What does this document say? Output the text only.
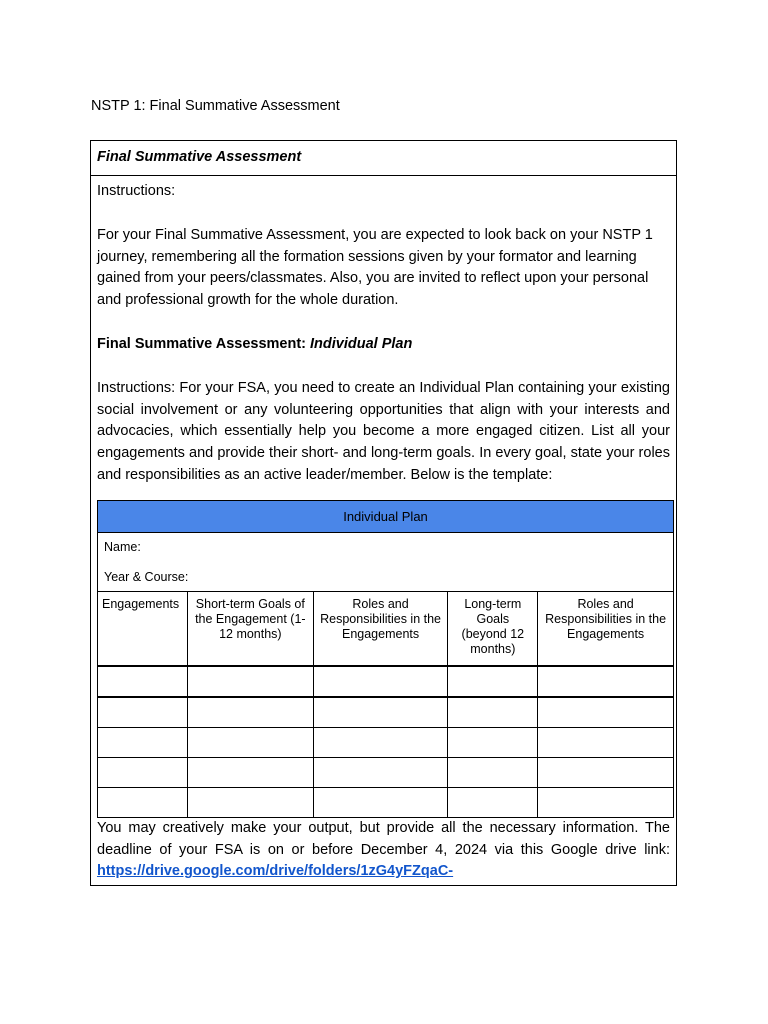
NSTP 1: Final Summative Assessment
Final Summative Assessment

Instructions:

For your Final Summative Assessment, you are expected to look back on your NSTP 1 journey, remembering all the formation sessions given by your formator and learning gained from your peers/classmates. Also, you are invited to reflect upon your personal and professional growth for the whole duration.

Final Summative Assessment: Individual Plan

Instructions: For your FSA, you need to create an Individual Plan containing your existing social involvement or any volunteering opportunities that align with your interests and advocacies, which essentially help you become a more engaged citizen. List all your engagements and provide their short- and long-term goals. In every goal, state your roles and responsibilities as an active leader/member. Below is the template:

Individual Plan				

Name:
Year & Course:				

Engagements	Short-term Goals of the Engagement (1-12 months)	Roles and Responsibilities in the Engagements	Long-term Goals (beyond 12 months)	Roles and Responsibilities in the Engagements

You may creatively make your output, but provide all the necessary information. The deadline of your FSA is on or before December 4, 2024 via this Google drive link: https://drive.google.com/drive/folders/1zG4yFZqaC-
